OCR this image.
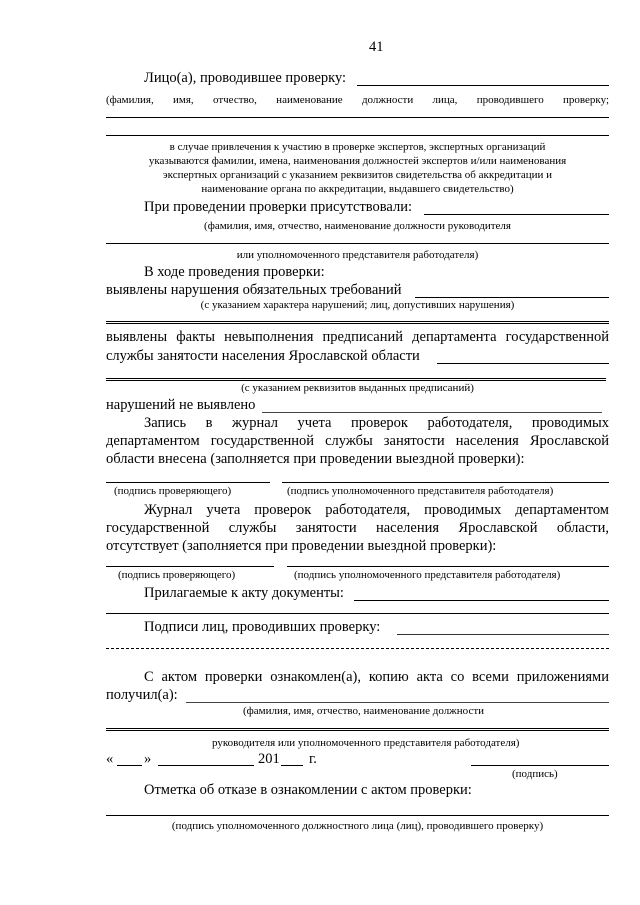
41
Лицо(а), проводившее проверку:
(фамилия, имя, отчество, наименование должности лица, проводившего проверку;
в случае привлечения к участию в проверке экспертов, экспертных организаций
указываются фамилии, имена, наименования должностей экспертов и/или наименования
экспертных организаций с указанием реквизитов свидетельства об аккредитации и
наименование органа по аккредитации, выдавшего свидетельство)
При проведении проверки присутствовали:
(фамилия, имя, отчество, наименование должности руководителя
или уполномоченного представителя работодателя)
В ходе проведения проверки:
выявлены нарушения обязательных требований
(с указанием характера нарушений; лиц, допустивших нарушения)
выявлены факты невыполнения предписаний департамента государственной
службы занятости населения Ярославской области
(с указанием реквизитов выданных предписаний)
нарушений не выявлено
Запись в журнал учета проверок работодателя, проводимых
департаментом государственной службы занятости населения Ярославской
области внесена (заполняется при проведении выездной проверки):
(подпись проверяющего)	(подпись уполномоченного представителя работодателя)
Журнал учета проверок работодателя, проводимых департаментом
государственной службы занятости населения Ярославской области,
отсутствует (заполняется при проведении выездной проверки):
(подпись проверяющего)	(подпись уполномоченного представителя работодателя)
Прилагаемые к акту документы:
Подписи лиц, проводивших проверку:
С актом проверки ознакомлен(а), копию акта со всеми приложениями
получил(а):
(фамилия, имя, отчество, наименование должности
руководителя или уполномоченного представителя работодателя)
« »	201 г.
(подпись)
Отметка об отказе в ознакомлении с актом проверки:
(подпись уполномоченного должностного лица (лиц), проводившего проверку)
